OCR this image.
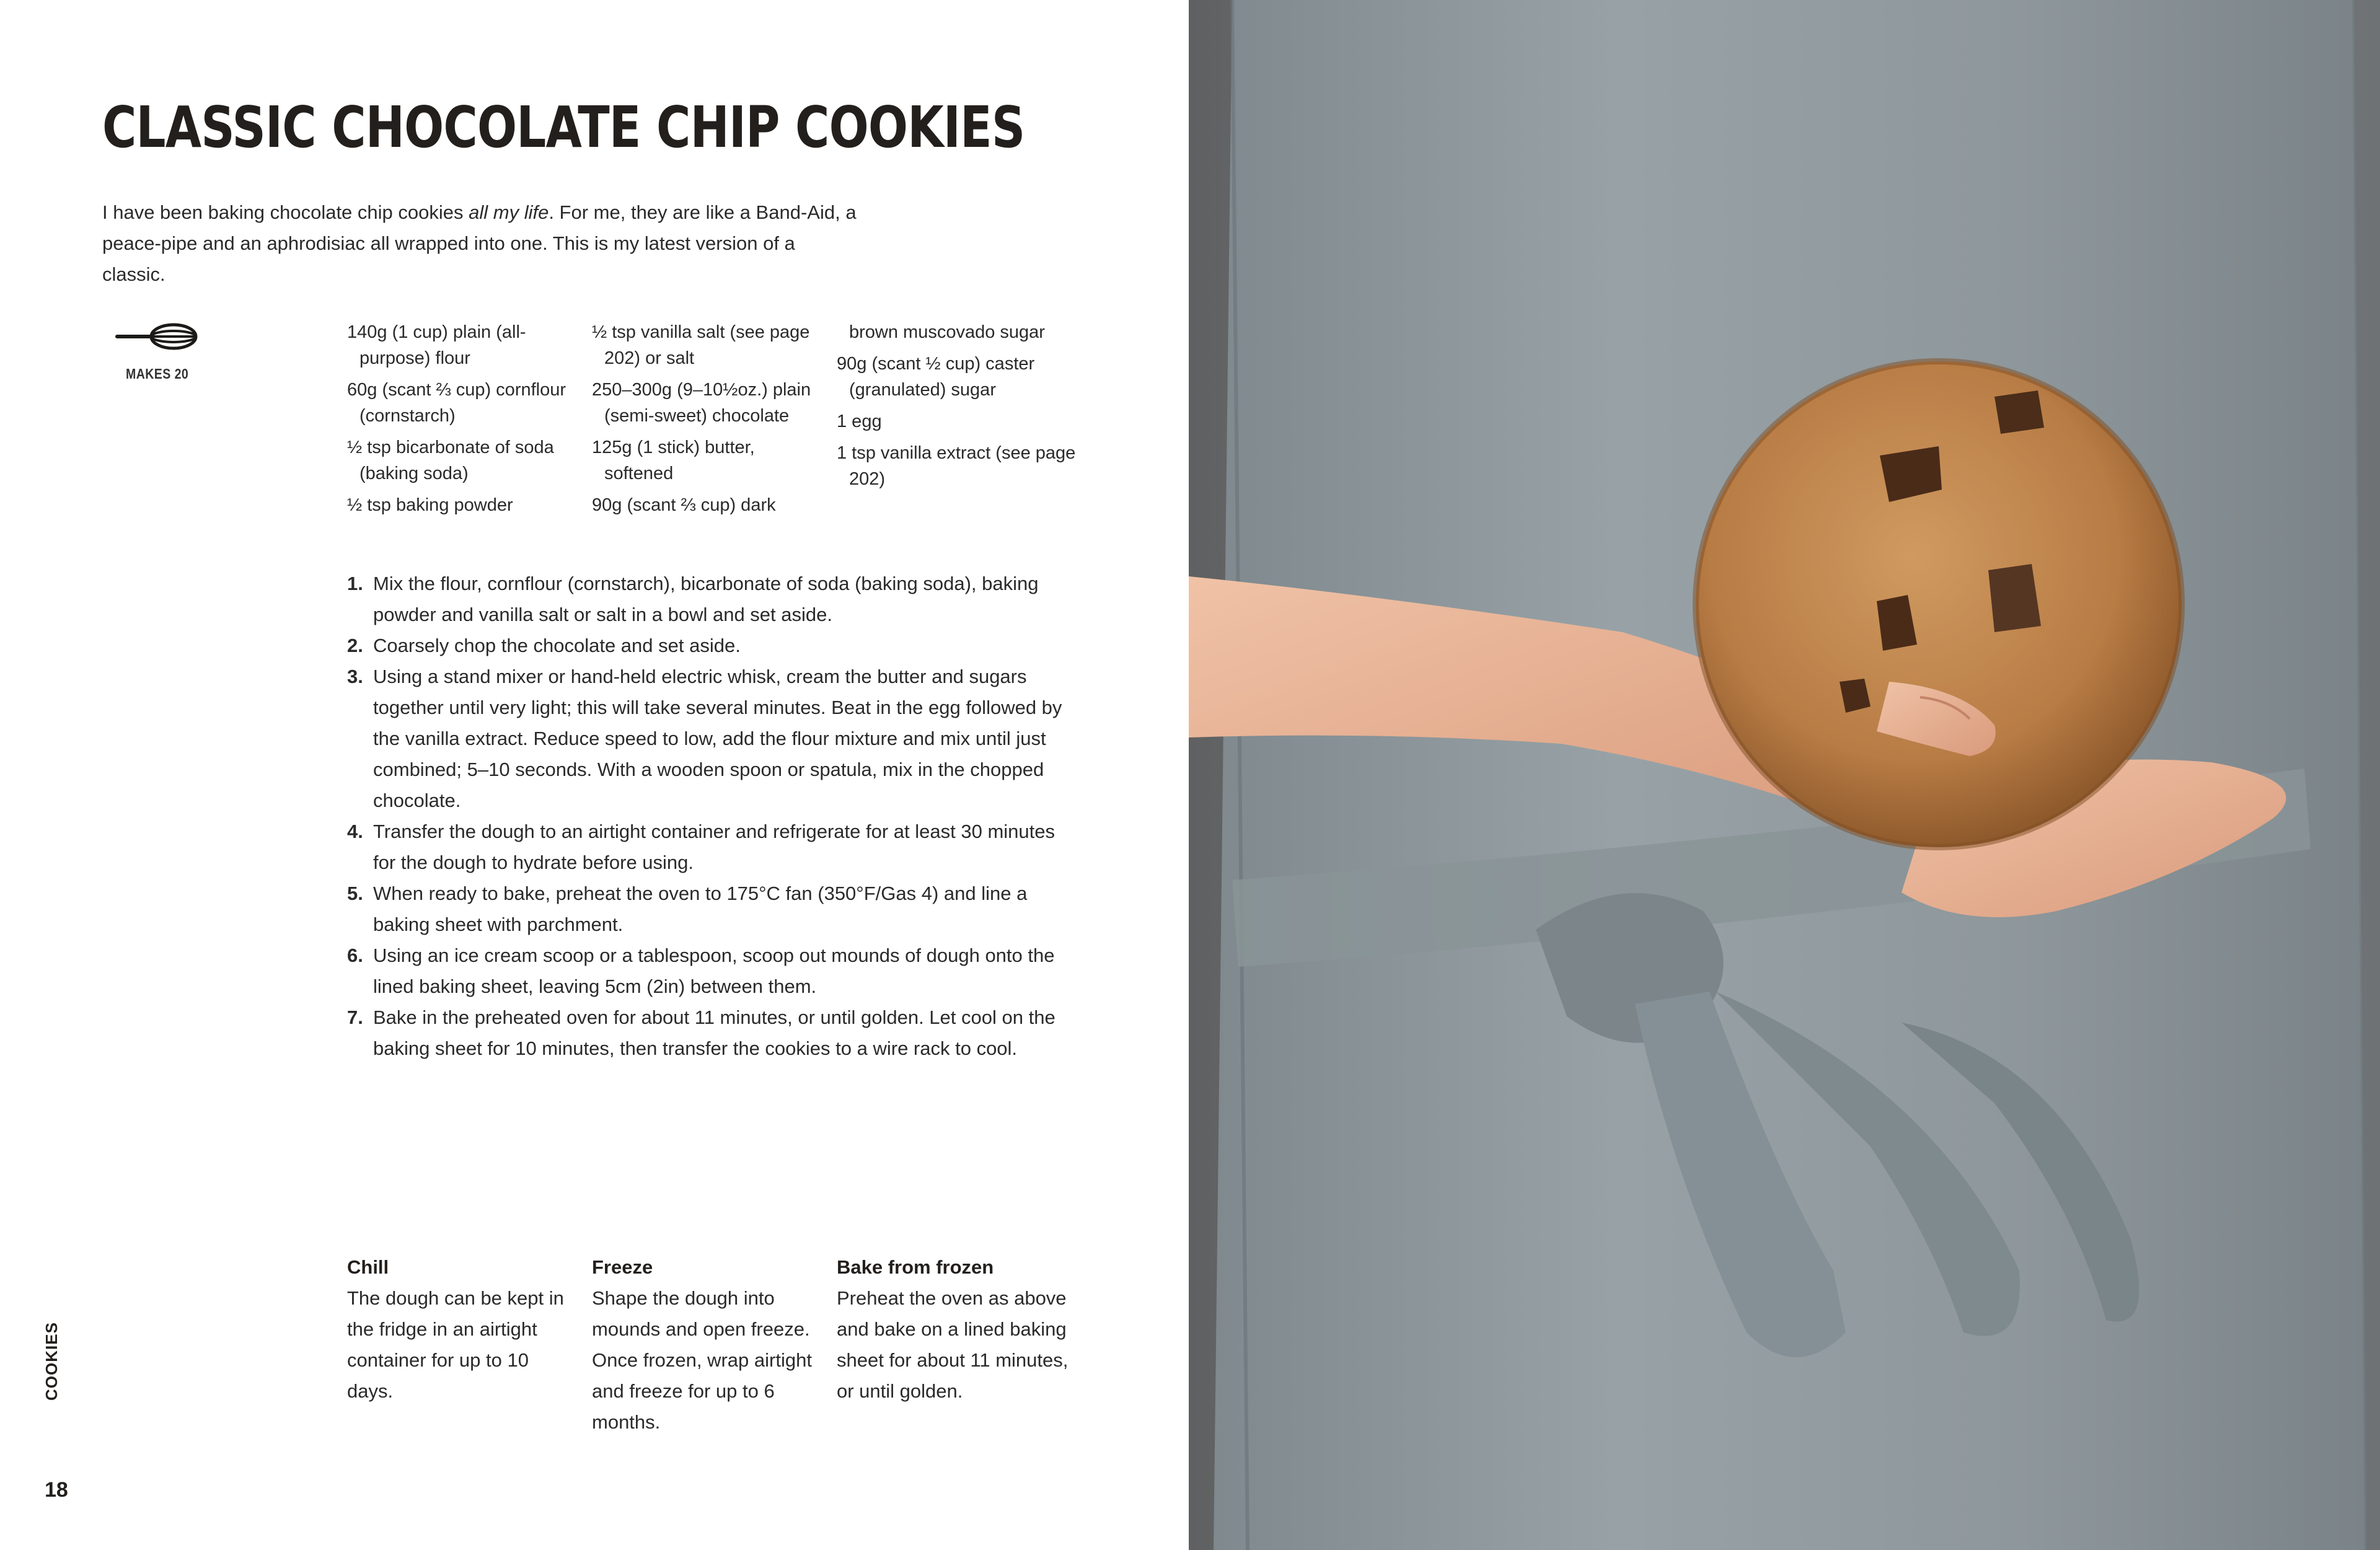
CLASSIC CHOCOLATE CHIP COOKIES

I have been baking chocolate chip cookies all my life. For me, they are like a Band-Aid, a peace-pipe and an aphrodisiac all wrapped into one. This is my latest version of a classic.

MAKES 20

140g (1 cup) plain (all-purpose) flour

60g (scant ⅔ cup) cornflour (cornstarch)

½ tsp bicarbonate of soda (baking soda)

½ tsp baking powder

½ tsp vanilla salt (see page 202) or salt

250–300g (9–10½oz.) plain (semi-sweet) chocolate

125g (1 stick) butter, softened

90g (scant ⅔ cup) dark

brown muscovado sugar

90g (scant ½ cup) caster (granulated) sugar

1 egg

1 tsp vanilla extract (see page 202)

1. Mix the flour, cornflour (cornstarch), bicarbonate of soda (baking soda), baking powder and vanilla salt or salt in a bowl and set aside.
2. Coarsely chop the chocolate and set aside.
3. Using a stand mixer or hand-held electric whisk, cream the butter and sugars together until very light; this will take several minutes. Beat in the egg followed by the vanilla extract. Reduce speed to low, add the flour mixture and mix until just combined; 5–10 seconds. With a wooden spoon or spatula, mix in the chopped chocolate.
4. Transfer the dough to an airtight container and refrigerate for at least 30 minutes for the dough to hydrate before using.
5. When ready to bake, preheat the oven to 175°C fan (350°F/Gas 4) and line a baking sheet with parchment.
6. Using an ice cream scoop or a tablespoon, scoop out mounds of dough onto the lined baking sheet, leaving 5cm (2in) between them.
7. Bake in the preheated oven for about 11 minutes, or until golden. Let cool on the baking sheet for 10 minutes, then transfer the cookies to a wire rack to cool.

Chill

The dough can be kept in the fridge in an airtight container for up to 10 days.

Freeze

Shape the dough into mounds and open freeze. Once frozen, wrap airtight and freeze for up to 6 months.

Bake from frozen

Preheat the oven as above and bake on a lined baking sheet for about 11 minutes, or until golden.

COOKIES
18
